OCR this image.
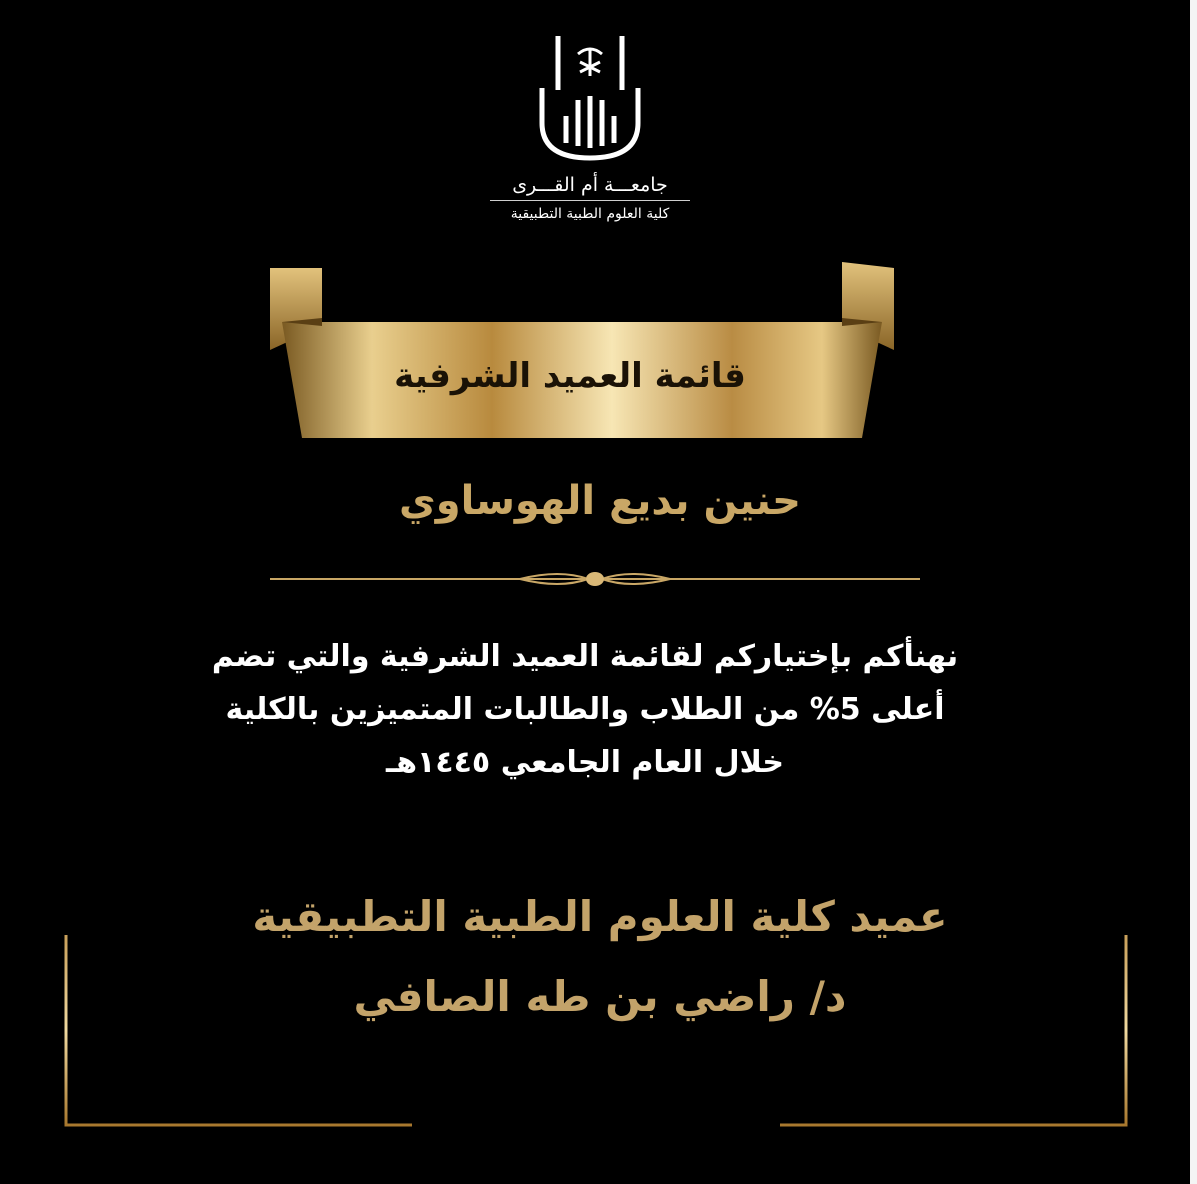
جامعـــة أم القـــرى
كلية العلوم الطبية التطبيقية
قائمة العميد الشرفية
حنين بديع الهوساوي
نهنأكم بإختياركم لقائمة العميد الشرفية والتي تضم
أعلى 5% من الطلاب والطالبات المتميزين بالكلية
خلال العام الجامعي ١٤٤٥هـ
عميد كلية العلوم الطبية التطبيقية
د/ راضي بن طه الصافي
